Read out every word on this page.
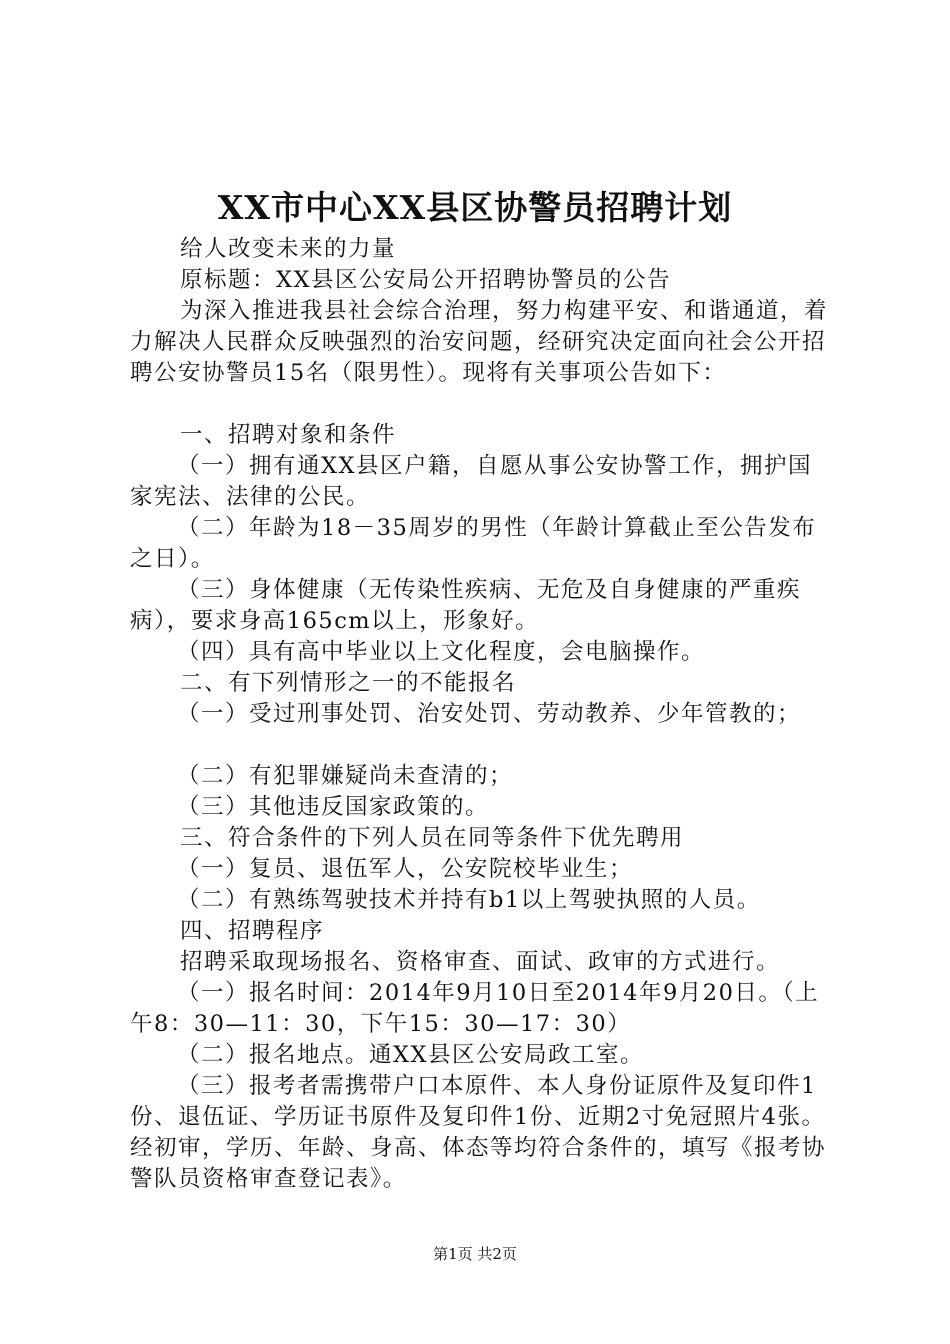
XX市中心XX县区协警员招聘计划

给人改变未来的力量

原标题：XX县区公安局公开招聘协警员的公告

为深入推进我县社会综合治理，努力构建平安、和谐通道，着力解决人民群众反映强烈的治安问题，经研究决定面向社会公开招聘公安协警员15名（限男性）。现将有关事项公告如下：

一、招聘对象和条件

（一）拥有通XX县区户籍，自愿从事公安协警工作，拥护国家宪法、法律的公民。

（二）年龄为18－35周岁的男性（年龄计算截止至公告发布之日）。

（三）身体健康（无传染性疾病、无危及自身健康的严重疾病），要求身高165cm以上，形象好。

（四）具有高中毕业以上文化程度，会电脑操作。

二、有下列情形之一的不能报名

（一）受过刑事处罚、治安处罚、劳动教养、少年管教的；

（二）有犯罪嫌疑尚未查清的；

（三）其他违反国家政策的。

三、符合条件的下列人员在同等条件下优先聘用

（一）复员、退伍军人，公安院校毕业生；

（二）有熟练驾驶技术并持有b1以上驾驶执照的人员。

四、招聘程序

招聘采取现场报名、资格审查、面试、政审的方式进行。

（一）报名时间：2014年9月10日至2014年9月20日。（上午8：30—11：30，下午15：30—17：30）

（二）报名地点。通XX县区公安局政工室。

（三）报考者需携带户口本原件、本人身份证原件及复印件1份、退伍证、学历证书原件及复印件1份、近期2寸免冠照片4张。经初审，学历、年龄、身高、体态等均符合条件的，填写《报考协警队员资格审查登记表》。

第1页 共2页
